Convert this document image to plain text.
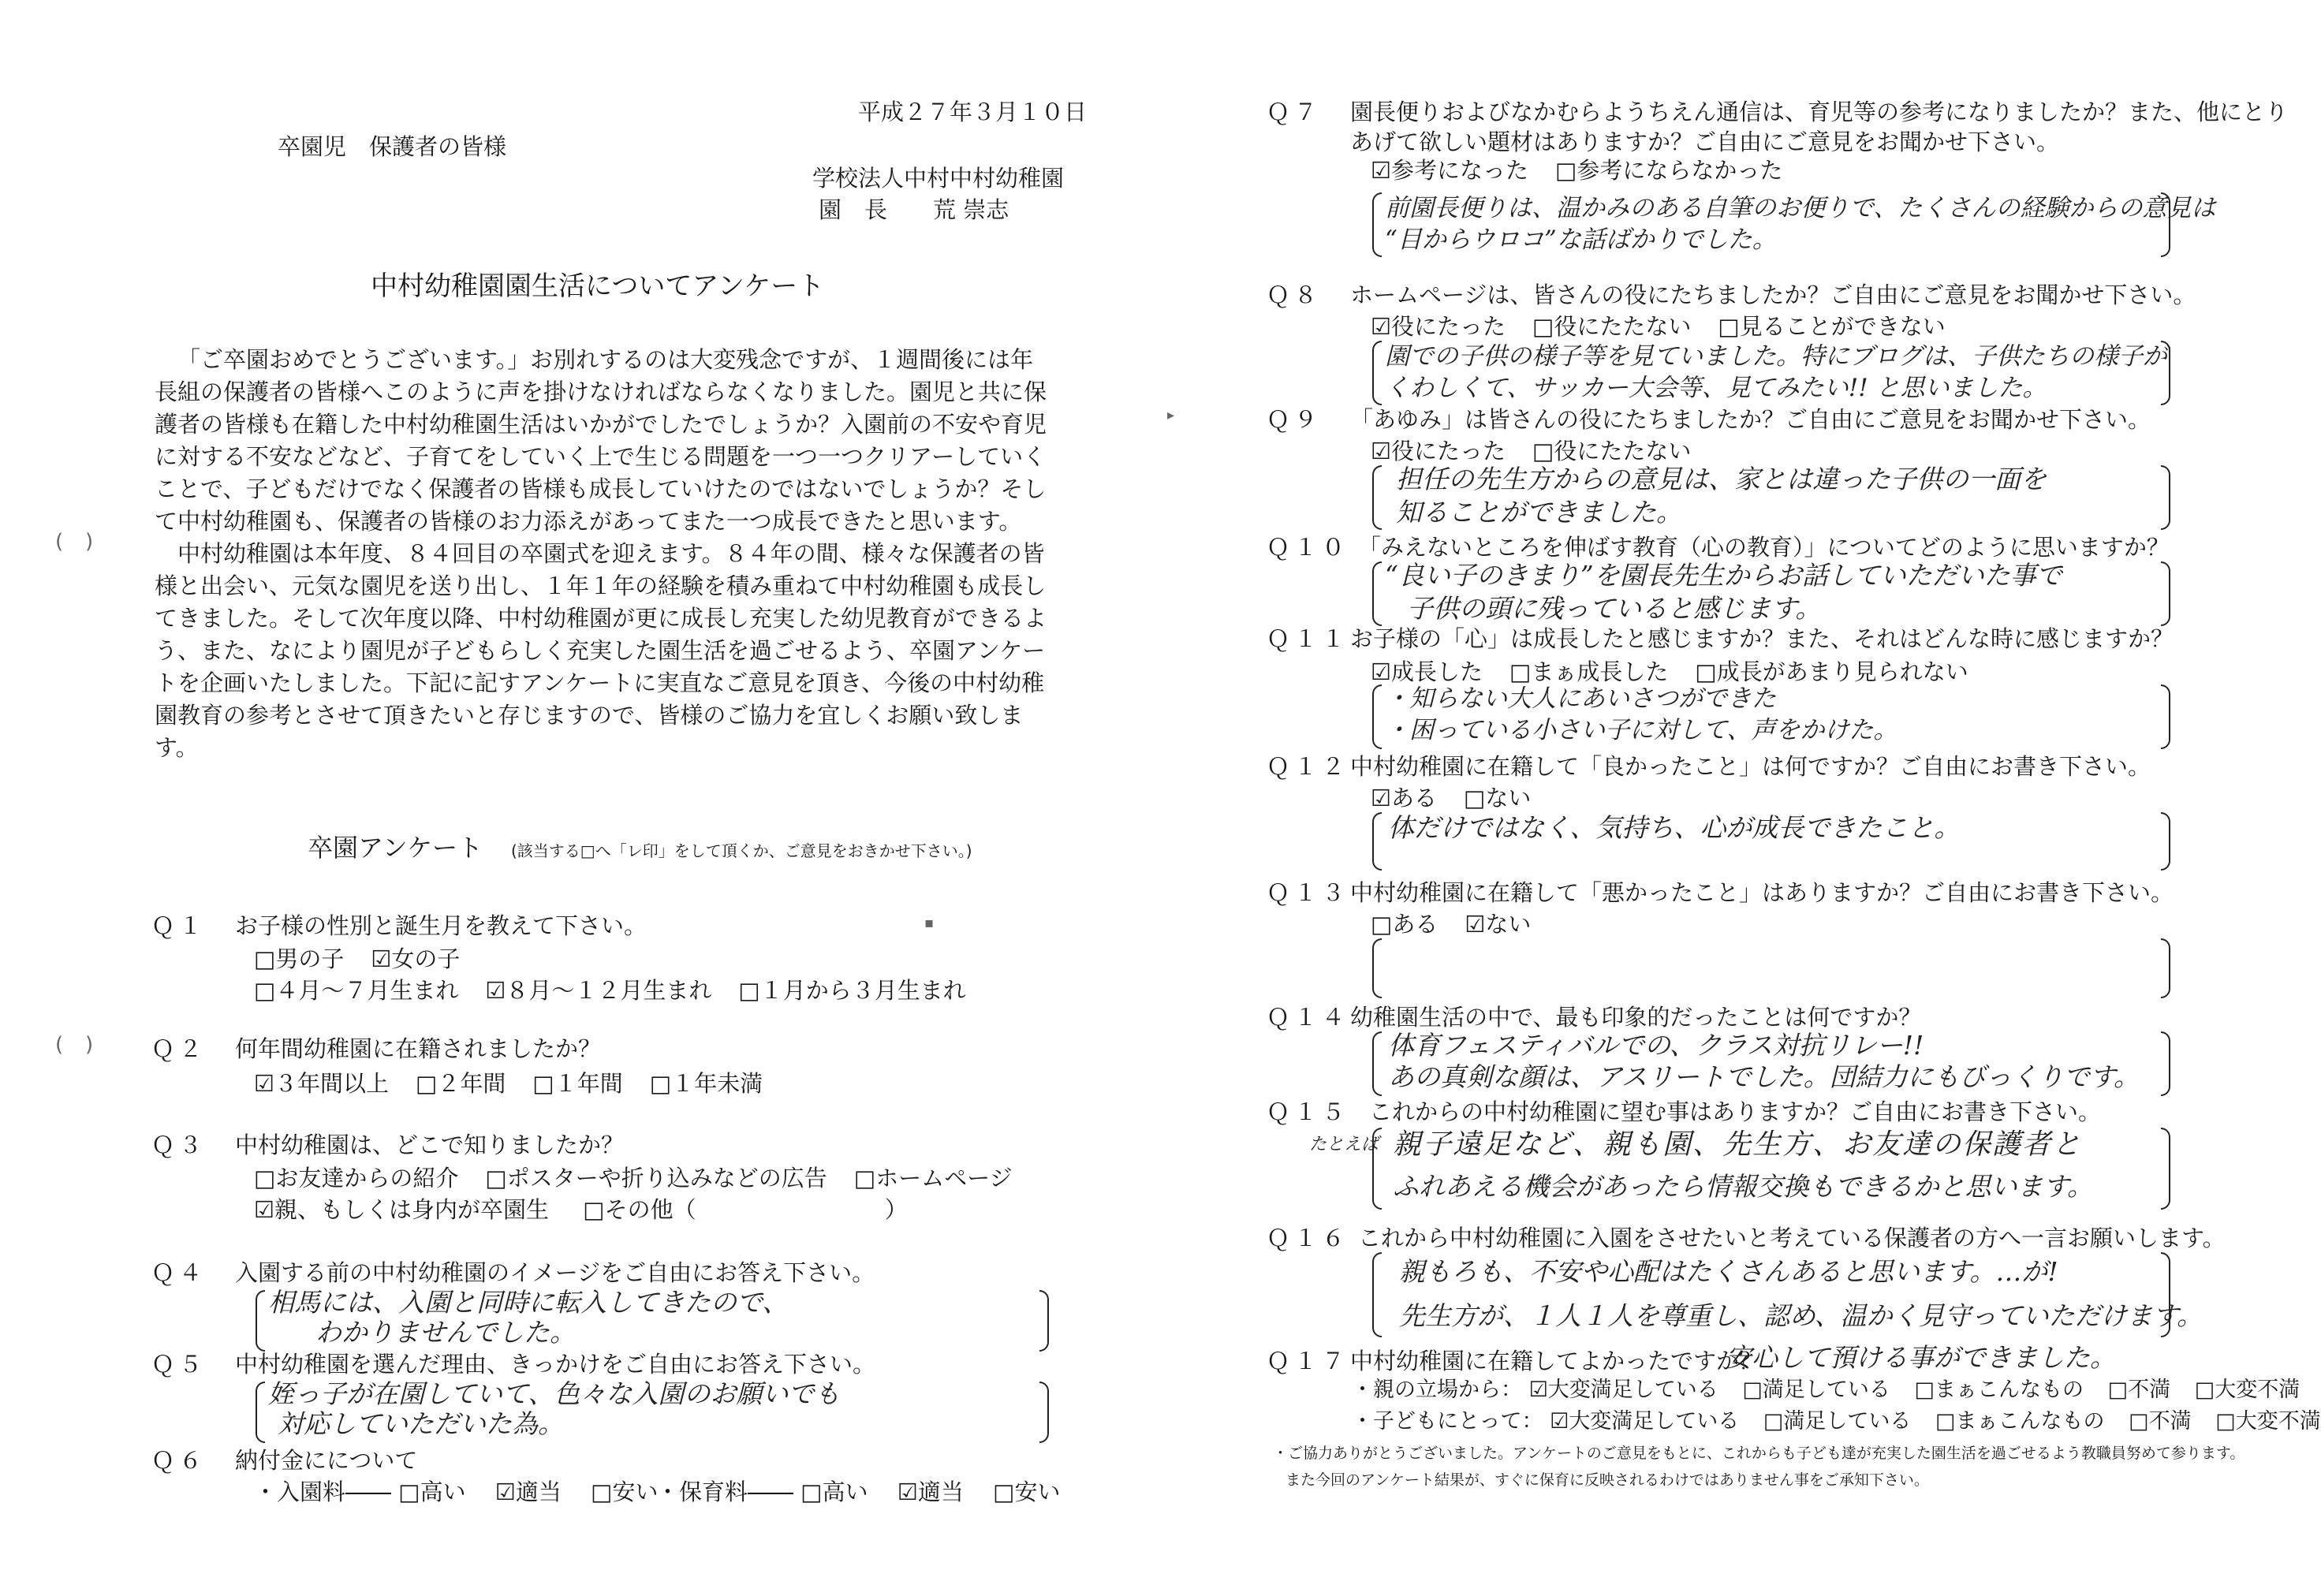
平成２７年３月１０日
卒園児　保護者の皆様
学校法人中村中村幼稚園
園　長　　荒 崇志
中村幼稚園園生活についてアンケート
「ご卒園おめでとうございます。」お別れするのは大変残念ですが、１週間後には年長組の保護者の皆様へこのように声を掛けなければならなくなりました。園児と共に保護者の皆様も在籍した中村幼稚園生活はいかがでしたでしょうか？入園前の不安や育児に対する不安などなど、子育てをしていく上で生じる問題を一つ一つクリアーしていくことで、子どもだけでなく保護者の皆様も成長していけたのではないでしょうか？そして中村幼稚園も、保護者の皆様のお力添えがあってまた一つ成長できたと思います。
中村幼稚園は本年度、８４回目の卒園式を迎えます。８４年の間、様々な保護者の皆様と出会い、元気な園児を送り出し、１年１年の経験を積み重ねて中村幼稚園も成長してきました。そして次年度以降、中村幼稚園が更に成長し充実した幼児教育ができるよう、また、なにより園児が子どもらしく充実した園生活を過ごせるよう、卒園アンケートを企画いたしました。下記に記すアンケートに実直なご意見を頂き、今後の中村幼稚園教育の参考とさせて頂きたいと存じますので、皆様のご協力を宜しくお願い致します。
卒園アンケート (該当する□へ「レ印」をして頂くか、ご意見をおきかせ下さい。)
Ｑ１ お子様の性別と誕生月を教えて下さい。
□男の子 ☑女の子
□４月～７月生まれ ☑８月～１２月生まれ □１月から３月生まれ
Ｑ２ 何年間幼稚園に在籍されましたか？
☑３年間以上 □２年間 □１年間 □１年未満
Ｑ３ 中村幼稚園は、どこで知りましたか？
□お友達からの紹介 □ポスターや折り込みなどの広告 □ホームページ
☑親、もしくは身内が卒園生 □その他（	）
Ｑ４ 入園する前の中村幼稚園のイメージをご自由にお答え下さい。
相馬には、入園と同時に転入してきたので、
わかりませんでした。
Ｑ５ 中村幼稚園を選んだ理由、きっかけをご自由にお答え下さい。
姪っ子が在園していて、色々な入園のお願いでも
対応していただいた為。
Ｑ６ 納付金にについて
・入園料―― □高い ☑適当 □安い
・保育料―― □高い ☑適当 □安い
( )
( )
Ｑ７ 園長便りおよびなかむらようちえん通信は、育児等の参考になりましたか？また、他にとり
あげて欲しい題材はありますか？ご自由にご意見をお聞かせ下さい。
☑参考になった □参考にならなかった
前園長便りは、温かみのある自筆のお便りで、たくさんの経験からの意見は
“目からウロコ”な話ばかりでした。
Ｑ８ ホームページは、皆さんの役にたちましたか？ご自由にご意見をお聞かせ下さい。
☑役にたった □役にたたない □見ることができない
園での子供の様子等を見ていました。特にブログは、子供たちの様子が
くわしくて、サッカー大会等、見てみたい!! と思いました。
Ｑ９ 「あゆみ」は皆さんの役にたちましたか？ご自由にご意見をお聞かせ下さい。
☑役にたった □役にたたない
担任の先生方からの意見は、家とは違った子供の一面を
知ることができました。
Ｑ１０ 「みえないところを伸ばす教育（心の教育）」についてどのように思いますか？
“良い子のきまり”を園長先生からお話していただいた事で
子供の頭に残っていると感じます。
Ｑ１１ お子様の「心」は成長したと感じますか？また、それはどんな時に感じますか？
☑成長した □まぁ成長した □成長があまり見られない
・知らない大人にあいさつができた
・困っている小さい子に対して、声をかけた。
Ｑ１２ 中村幼稚園に在籍して「良かったこと」は何ですか？ご自由にお書き下さい。
☑ある □ない
体だけではなく、気持ち、心が成長できたこと。
Ｑ１３ 中村幼稚園に在籍して「悪かったこと」はありますか？ご自由にお書き下さい。
□ある ☑ない
Ｑ１４ 幼稚園生活の中で、最も印象的だったことは何ですか？
体育フェスティバルでの、クラス対抗リレー!!
あの真剣な顔は、アスリートでした。団結力にもびっくりです。
Ｑ１５ これからの中村幼稚園に望む事はありますか？ご自由にお書き下さい。
たとえば 親子遠足など、親も園、先生方、お友達の保護者と
ふれあえる機会があったら情報交換もできるかと思います。
Ｑ１６ これから中村幼稚園に入園をさせたいと考えている保護者の方へ一言お願いします。
親もろも、不安や心配はたくさんあると思います。…が!
先生方が、１人１人を尊重し、認め、温かく見守っていただけます。
Ｑ１７ 中村幼稚園に在籍してよかったですか？
安心して預ける事ができました。
・親の立場から： ☑大変満足している □満足している □まぁこんなもの □不満 □大変不満
・子どもにとって： ☑大変満足している □満足している □まぁこんなもの □不満 □大変不満
・ご協力ありがとうございました。アンケートのご意見をもとに、これからも子ども達が充実した園生活を過ごせるよう教職員努めて参ります。
また今回のアンケート結果が、すぐに保育に反映されるわけではありません事をご承知下さい。
▸
▪
